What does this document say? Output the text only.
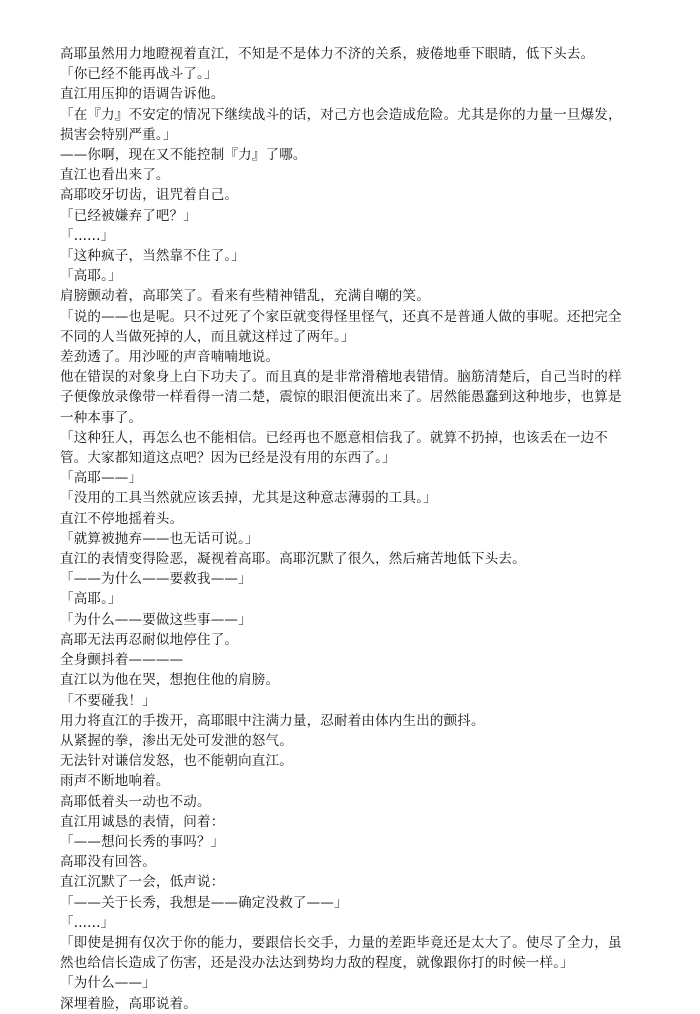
高耶虽然用力地瞪视着直江，不知是不是体力不济的关系，疲倦地垂下眼睛，低下头去。

「你已经不能再战斗了。」

直江用压抑的语调告诉他。

「在『力』不安定的情况下继续战斗的话，对己方也会造成危险。尤其是你的力量一旦爆发，损害会特别严重。」

——你啊，现在又不能控制『力』了哪。

直江也看出来了。

高耶咬牙切齿，诅咒着自己。

「已经被嫌弃了吧？」

「......」

「这种疯子，当然靠不住了。」

「高耶。」

肩膀颤动着，高耶笑了。看来有些精神错乱，充满自嘲的笑。

「说的——也是呢。只不过死了个家臣就变得怪里怪气，还真不是普通人做的事呢。还把完全不同的人当做死掉的人，而且就这样过了两年。」

差劲透了。用沙哑的声音喃喃地说。

他在错误的对象身上白下功夫了。而且真的是非常滑稽地表错情。脑筋清楚后，自己当时的样子便像放录像带一样看得一清二楚，震惊的眼泪便流出来了。居然能愚蠢到这种地步，也算是一种本事了。

「这种狂人，再怎么也不能相信。已经再也不愿意相信我了。就算不扔掉，也该丢在一边不管。大家都知道这点吧？因为已经是没有用的东西了。」

「高耶——」

「没用的工具当然就应该丢掉，尤其是这种意志薄弱的工具。」

直江不停地摇着头。

「就算被抛弃——也无话可说。」

直江的表情变得险恶，凝视着高耶。高耶沉默了很久，然后痛苦地低下头去。

「——为什么——要救我——」

「高耶。」

「为什么——要做这些事——」

高耶无法再忍耐似地停住了。

全身颤抖着————

直江以为他在哭，想抱住他的肩膀。

「不要碰我！」

用力将直江的手拨开，高耶眼中注满力量，忍耐着由体内生出的颤抖。

从紧握的拳，渗出无处可发泄的怒气。

无法针对谦信发怒，也不能朝向直江。

雨声不断地响着。

高耶低着头一动也不动。

直江用诚恳的表情，问着：

「——想问长秀的事吗？」

高耶没有回答。

直江沉默了一会，低声说：

「——关于长秀，我想是——确定没救了——」

「......」

「即使是拥有仅次于你的能力，要跟信长交手，力量的差距毕竟还是太大了。使尽了全力，虽然也给信长造成了伤害，还是没办法达到势均力敌的程度，就像跟你打的时候一样。」

「为什么——」

深埋着脸，高耶说着。
